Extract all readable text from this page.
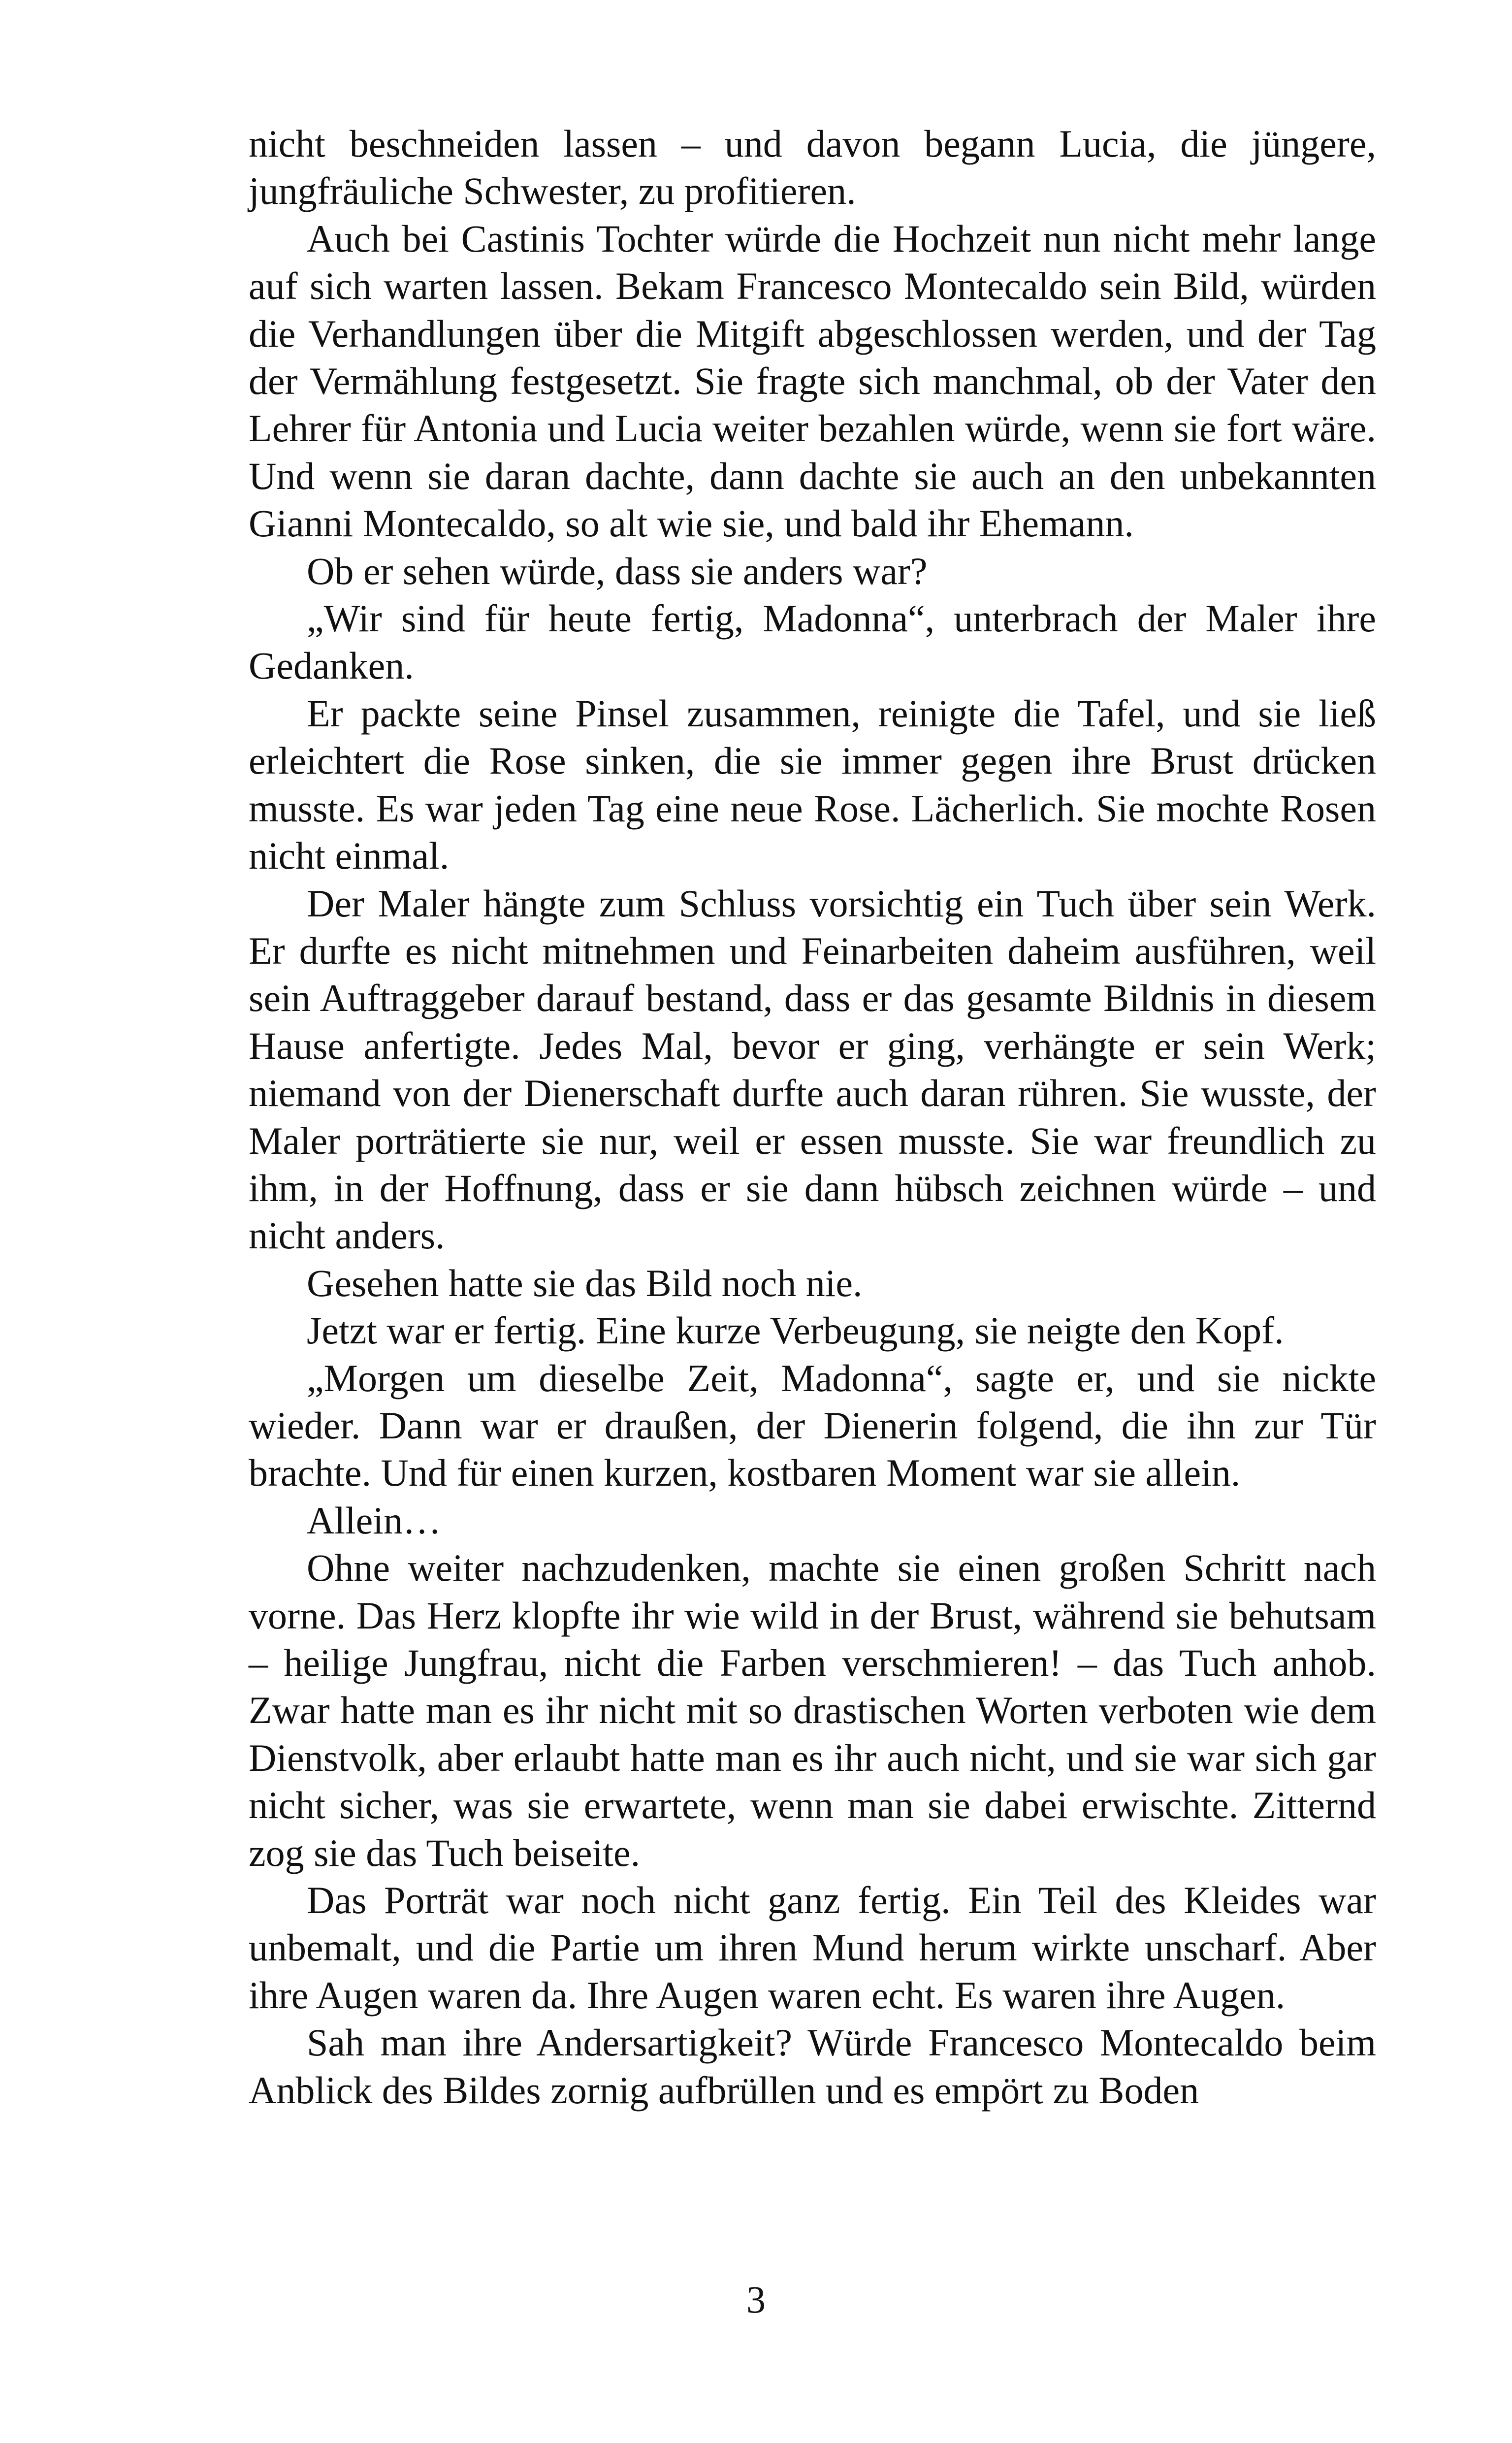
nicht beschneiden lassen – und davon begann Lucia, die jüngere, jungfräuliche Schwester, zu profitieren.

Auch bei Castinis Tochter würde die Hochzeit nun nicht mehr lange auf sich warten lassen. Bekam Francesco Montecaldo sein Bild, würden die Verhandlungen über die Mitgift abgeschlossen werden, und der Tag der Vermählung festgesetzt. Sie fragte sich manchmal, ob der Vater den Lehrer für Antonia und Lucia weiter bezahlen würde, wenn sie fort wäre. Und wenn sie daran dachte, dann dachte sie auch an den unbekannten Gianni Montecaldo, so alt wie sie, und bald ihr Ehemann.

Ob er sehen würde, dass sie anders war?

„Wir sind für heute fertig, Madonna“, unterbrach der Maler ihre Gedanken.

Er packte seine Pinsel zusammen, reinigte die Tafel, und sie ließ erleichtert die Rose sinken, die sie immer gegen ihre Brust drücken musste. Es war jeden Tag eine neue Rose. Lächerlich. Sie mochte Rosen nicht einmal.

Der Maler hängte zum Schluss vorsichtig ein Tuch über sein Werk. Er durfte es nicht mitnehmen und Feinarbeiten daheim ausführen, weil sein Auftraggeber darauf bestand, dass er das gesamte Bildnis in diesem Hause anfertigte. Jedes Mal, bevor er ging, verhängte er sein Werk; niemand von der Dienerschaft durfte auch daran rühren. Sie wusste, der Maler porträtierte sie nur, weil er essen musste. Sie war freundlich zu ihm, in der Hoffnung, dass er sie dann hübsch zeichnen würde – und nicht anders.

Gesehen hatte sie das Bild noch nie.

Jetzt war er fertig. Eine kurze Verbeugung, sie neigte den Kopf.

„Morgen um dieselbe Zeit, Madonna“, sagte er, und sie nickte wieder. Dann war er draußen, der Dienerin folgend, die ihn zur Tür brachte. Und für einen kurzen, kostbaren Moment war sie allein.

Allein…

Ohne weiter nachzudenken, machte sie einen großen Schritt nach vorne. Das Herz klopfte ihr wie wild in der Brust, während sie behutsam – heilige Jungfrau, nicht die Farben verschmieren! – das Tuch anhob. Zwar hatte man es ihr nicht mit so drastischen Worten verboten wie dem Dienstvolk, aber erlaubt hatte man es ihr auch nicht, und sie war sich gar nicht sicher, was sie erwartete, wenn man sie dabei erwischte. Zitternd zog sie das Tuch beiseite.

Das Porträt war noch nicht ganz fertig. Ein Teil des Kleides war unbemalt, und die Partie um ihren Mund herum wirkte unscharf. Aber ihre Augen waren da. Ihre Augen waren echt. Es waren ihre Augen.

Sah man ihre Andersartigkeit? Würde Francesco Montecaldo beim Anblick des Bildes zornig aufbrüllen und es empört zu Boden

3
